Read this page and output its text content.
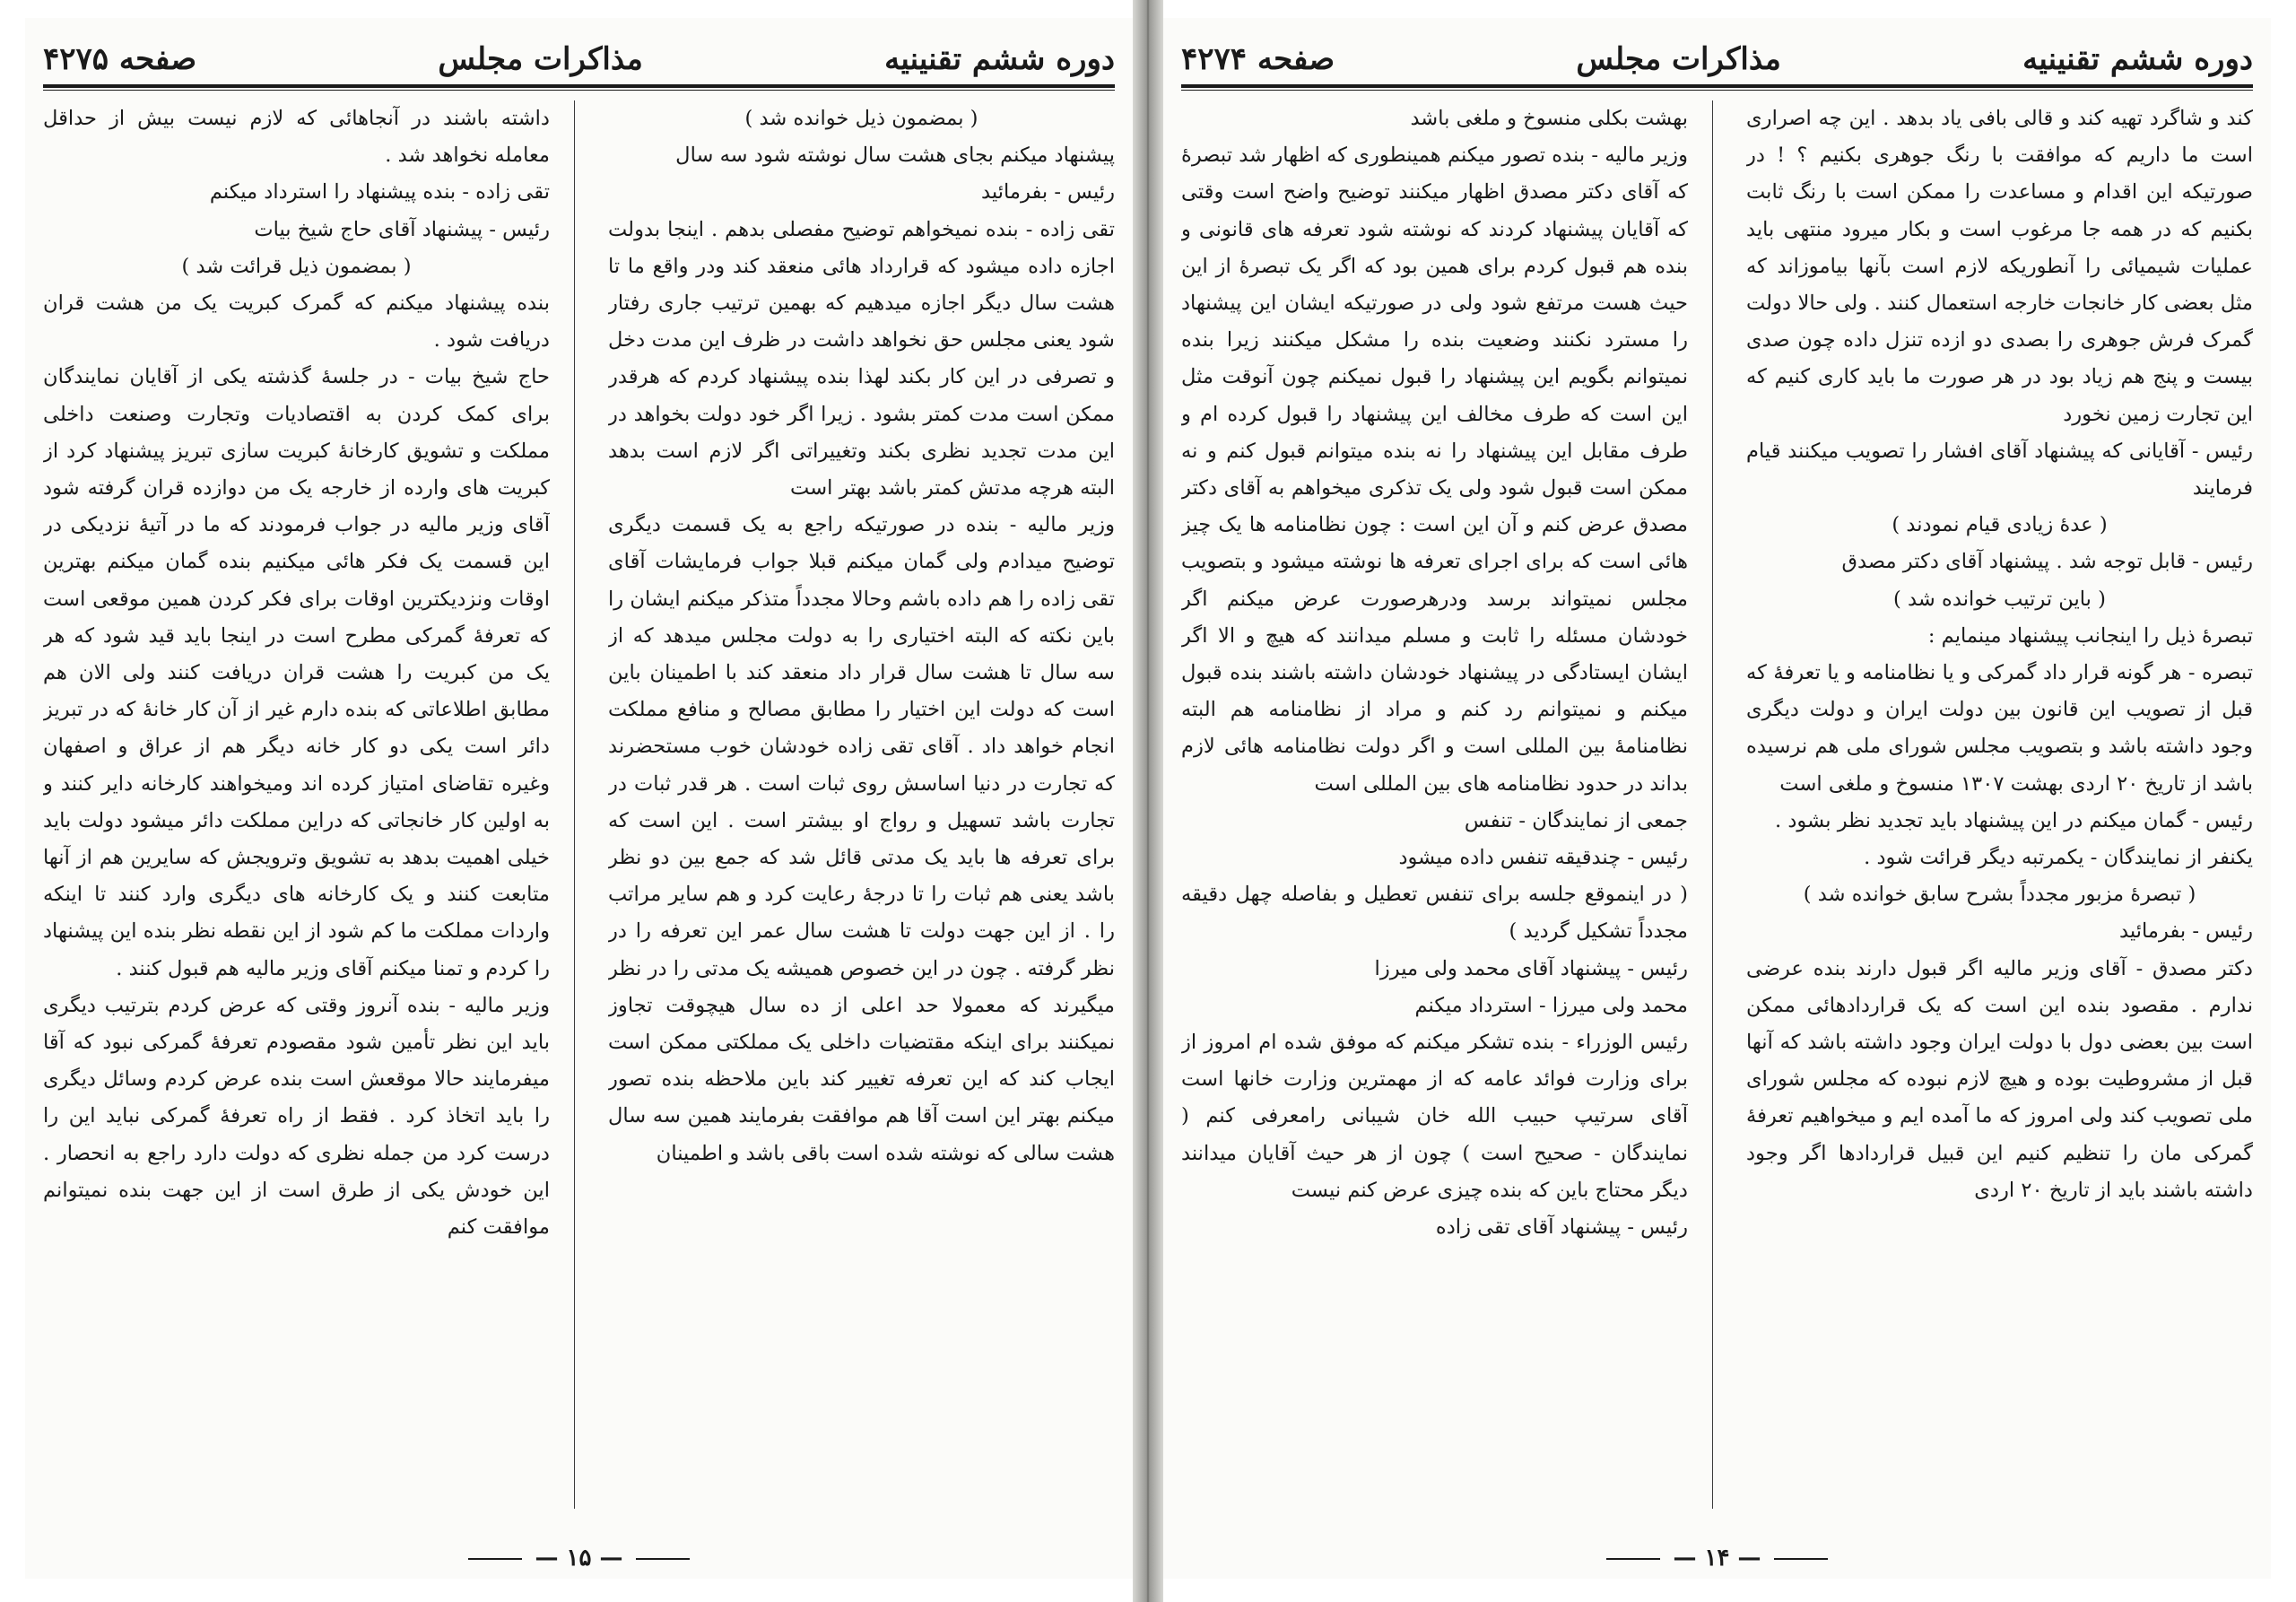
دوره ششم تقنینیه
مذاکرات مجلس
صفحه ۴۲۷۵

( بمضمون ذیل خوانده شد )

پیشنهاد میکنم بجای هشت سال نوشته شود سه سال

رئیس - بفرمائید

تقی زاده - بنده نمیخواهم توضیح مفصلی بدهم . اینجا بدولت اجازه داده میشود که قرارداد هائی منعقد کند ودر واقع ما تا هشت سال دیگر اجازه میدهیم که بهمین ترتیب جاری رفتار شود یعنی مجلس حق نخواهد داشت در ظرف این مدت دخل و تصرفی در این کار بکند لهذا بنده پیشنهاد کردم که هرقدر ممکن است مدت کمتر بشود . زیرا اگر خود دولت بخواهد در این مدت تجدید نظری بکند وتغییراتی اگر لازم است بدهد البته هرچه مدتش کمتر باشد بهتر است

وزیر مالیه - بنده در صورتیکه راجع به یک قسمت دیگری توضیح میدادم ولی گمان میکنم قبلا جواب فرمایشات آقای تقی زاده را هم داده باشم وحالا مجدداً متذکر میکنم ایشان را باین نکته که البته اختیاری را به دولت مجلس میدهد که از سه سال تا هشت سال قرار داد منعقد کند با اطمینان باین است که دولت این اختیار را مطابق مصالح و منافع مملکت انجام خواهد داد . آقای تقی زاده خودشان خوب مستحضرند که تجارت در دنیا اساسش روی ثبات است . هر قدر ثبات در تجارت باشد تسهیل و رواج او بیشتر است . این است که برای تعرفه ها باید یک مدتی قائل شد که جمع بین دو نظر باشد یعنی هم ثبات را تا درجهٔ رعایت کرد و هم سایر مراتب را . از این جهت دولت تا هشت سال عمر این تعرفه را در نظر گرفته . چون در این خصوص همیشه یک مدتی را در نظر میگیرند که معمولا حد اعلی از ده سال هیچوقت تجاوز نمیکنند برای اینکه مقتضیات داخلی یک مملکتی ممکن است ایجاب کند که این تعرفه تغییر کند باین ملاحظه بنده تصور میکنم بهتر این است آقا هم موافقت بفرمایند همین سه سال هشت سالی که نوشته شده است باقی باشد و اطمینان

داشته باشند در آنجاهائی که لازم نیست بیش از حداقل معامله نخواهد شد .

تقی زاده - بنده پیشنهاد را استرداد میکنم

رئیس - پیشنهاد آقای حاج شیخ بیات

( بمضمون ذیل قرائت شد )

بنده پیشنهاد میکنم که گمرک کبریت یک من هشت قران دریافت شود .

حاج شیخ بیات - در جلسهٔ گذشته یکی از آقایان نمایندگان برای کمک کردن به اقتصادیات وتجارت وصنعت داخلی مملکت و تشویق کارخانهٔ کبریت سازی تبریز پیشنهاد کرد از کبریت های وارده از خارجه یک من دوازده قران گرفته شود آقای وزیر مالیه در جواب فرمودند که ما در آتیهٔ نزدیکی در این قسمت یک فکر هائی میکنیم بنده گمان میکنم بهترین اوقات ونزدیکترین اوقات برای فکر کردن همین موقعی است که تعرفهٔ گمرکی مطرح است در اینجا باید قید شود که هر یک من کبریت را هشت قران دریافت کنند ولی الان هم مطابق اطلاعاتی که بنده دارم غیر از آن کار خانهٔ که در تبریز دائر است یکی دو کار خانه دیگر هم از عراق و اصفهان وغیره تقاضای امتیاز کرده اند ومیخواهند کارخانه دایر کنند و به اولین کار خانجاتی که دراین مملکت دائر میشود دولت باید خیلی اهمیت بدهد به تشویق وترویجش که سایرین هم از آنها متابعت کنند و یک کارخانه های دیگری وارد کنند تا اینکه واردات مملکت ما کم شود از این نقطه نظر بنده این پیشنهاد را کردم و تمنا میکنم آقای وزیر مالیه هم قبول کنند .

وزیر مالیه - بنده آنروز وقتی که عرض کردم بترتیب دیگری باید این نظر تأمین شود مقصودم تعرفهٔ گمرکی نبود که آقا میفرمایند حالا موقعش است بنده عرض کردم وسائل دیگری را باید اتخاذ کرد . فقط از راه تعرفهٔ گمرکی نباید این را درست کرد من جمله نظری که دولت دارد راجع به انحصار . این خودش یکی از طرق است از این جهت بنده نمیتوانم موافقت کنم

— ۱۵ —
دوره ششم تقنینیه
مذاکرات مجلس
صفحه ۴۲۷۴

کند و شاگرد تهیه کند و قالی بافی یاد بدهد . این چه اصراری است ما داریم که موافقت با رنگ جوهری بکنیم ؟ ! در صورتیکه این اقدام و مساعدت را ممکن است با رنگ ثابت بکنیم که در همه جا مرغوب است و بکار میرود منتهی باید عملیات شیمیائی را آنطوریکه لازم است بآنها بیاموزاند که مثل بعضی کار خانجات خارجه استعمال کنند . ولی حالا دولت گمرک فرش جوهری را بصدی دو ازده تنزل داده چون صدی بیست و پنج هم زیاد بود در هر صورت ما باید کاری کنیم که این تجارت زمین نخورد

رئیس - آقایانی که پیشنهاد آقای افشار را تصویب میکنند قیام فرمایند

( عدهٔ زیادی قیام نمودند )

رئیس - قابل توجه شد . پیشنهاد آقای دکتر مصدق

( باین ترتیب خوانده شد )

تبصرهٔ ذیل را اینجانب پیشنهاد مینمایم :

تبصره - هر گونه قرار داد گمرکی و یا نظامنامه و یا تعرفهٔ که قبل از تصویب این قانون بین دولت ایران و دولت دیگری وجود داشته باشد و بتصویب مجلس شورای ملی هم نرسیده باشد از تاریخ ۲۰ اردی بهشت ۱۳۰۷ منسوخ و ملغی است

رئیس - گمان میکنم در این پیشنهاد باید تجدید نظر بشود .

یکنفر از نمایندگان - یکمرتبه دیگر قرائت شود .

( تبصرهٔ مزبور مجدداً بشرح سابق خوانده شد )

رئیس - بفرمائید

دکتر مصدق - آقای وزیر مالیه اگر قبول دارند بنده عرضی ندارم . مقصود بنده این است که یک قراردادهائی ممکن است بین بعضی دول با دولت ایران وجود داشته باشد که آنها قبل از مشروطیت بوده و هیچ لازم نبوده که مجلس شورای ملی تصویب کند ولی امروز که ما آمده ایم و میخواهیم تعرفهٔ گمرکی مان را تنظیم کنیم این قبیل قراردادها اگر وجود داشته باشند باید از تاریخ ۲۰ اردی

بهشت بکلی منسوخ و ملغی باشد

وزیر مالیه - بنده تصور میکنم همینطوری که اظهار شد تبصرهٔ که آقای دکتر مصدق اظهار میکنند توضیح واضح است وقتی که آقایان پیشنهاد کردند که نوشته شود تعرفه های قانونی و بنده هم قبول کردم برای همین بود که اگر یک تبصرهٔ از این حیث هست مرتفع شود ولی در صورتیکه ایشان این پیشنهاد را مسترد نکنند وضعیت بنده را مشکل میکنند زیرا بنده نمیتوانم بگویم این پیشنهاد را قبول نمیکنم چون آنوقت مثل این است که طرف مخالف این پیشنهاد را قبول کرده ام و طرف مقابل این پیشنهاد را نه بنده میتوانم قبول کنم و نه ممکن است قبول شود ولی یک تذکری میخواهم به آقای دکتر مصدق عرض کنم و آن این است : چون نظامنامه ها یک چیز هائی است که برای اجرای تعرفه ها نوشته میشود و بتصویب مجلس نمیتواند برسد ودرهرصورت عرض میکنم اگر خودشان مسئله را ثابت و مسلم میدانند که هیچ و الا اگر ایشان ایستادگی در پیشنهاد خودشان داشته باشند بنده قبول میکنم و نمیتوانم رد کنم و مراد از نظامنامه هم البته نظامنامهٔ بین المللی است و اگر دولت نظامنامه هائی لازم بداند در حدود نظامنامه های بین المللی است

جمعی از نمایندگان - تنفس

رئیس - چندقیقه تنفس داده میشود

( در اینموقع جلسه برای تنفس تعطیل و بفاصله چهل دقیقه مجدداً تشکیل گردید )

رئیس - پیشنهاد آقای محمد ولی میرزا

محمد ولی میرزا - استرداد میکنم

رئیس الوزراء - بنده تشکر میکنم که موفق شده ام امروز از برای وزارت فوائد عامه که از مهمترین وزارت خانها است آقای سرتیپ حبیب الله خان شیبانی رامعرفی کنم ( نمایندگان - صحیح است ) چون از هر حیث آقایان میدانند دیگر محتاج باین که بنده چیزی عرض کنم نیست

رئیس - پیشنهاد آقای تقی زاده

— ۱۴ —
